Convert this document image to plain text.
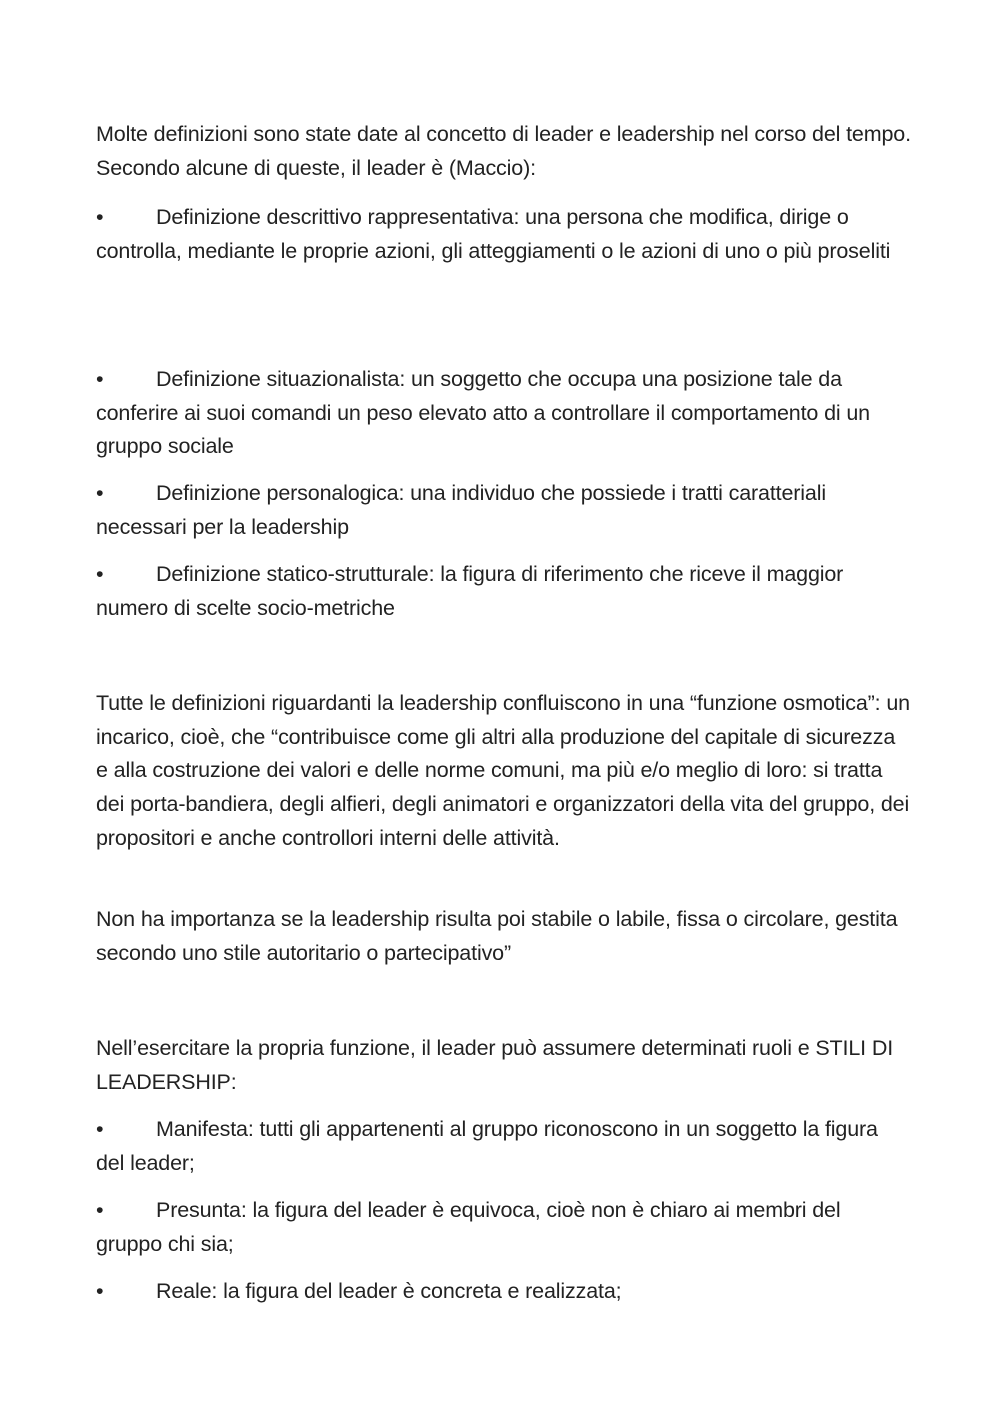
Molte definizioni sono state date al concetto di leader e leadership nel corso del tempo. Secondo alcune di queste, il leader è (Maccio):

• Definizione descrittivo rappresentativa: una persona che modifica, dirige o controlla, mediante le proprie azioni, gli atteggiamenti o le azioni di uno o più proseliti

• Definizione situazionalista: un soggetto che occupa una posizione tale da conferire ai suoi comandi un peso elevato atto a controllare il comportamento di un gruppo sociale

• Definizione personalogica: una individuo che possiede i tratti caratteriali necessari per la leadership

• Definizione statico-strutturale: la figura di riferimento che riceve il maggior numero di scelte socio-metriche

Tutte le definizioni riguardanti la leadership confluiscono in una “funzione osmotica”: un incarico, cioè, che “contribuisce come gli altri alla produzione del capitale di sicurezza e alla costruzione dei valori e delle norme comuni, ma più e/o meglio di loro: si tratta dei porta-bandiera, degli alfieri, degli animatori e organizzatori della vita del gruppo, dei propositori e anche controllori interni delle attività.

Non ha importanza se la leadership risulta poi stabile o labile, fissa o circolare, gestita secondo uno stile autoritario o partecipativo”

Nell’esercitare la propria funzione, il leader può assumere determinati ruoli e STILI DI LEADERSHIP:

• Manifesta: tutti gli appartenenti al gruppo riconoscono in un soggetto la figura del leader;

• Presunta: la figura del leader è equivoca, cioè non è chiaro ai membri del gruppo chi sia;

• Reale: la figura del leader è concreta e realizzata;
